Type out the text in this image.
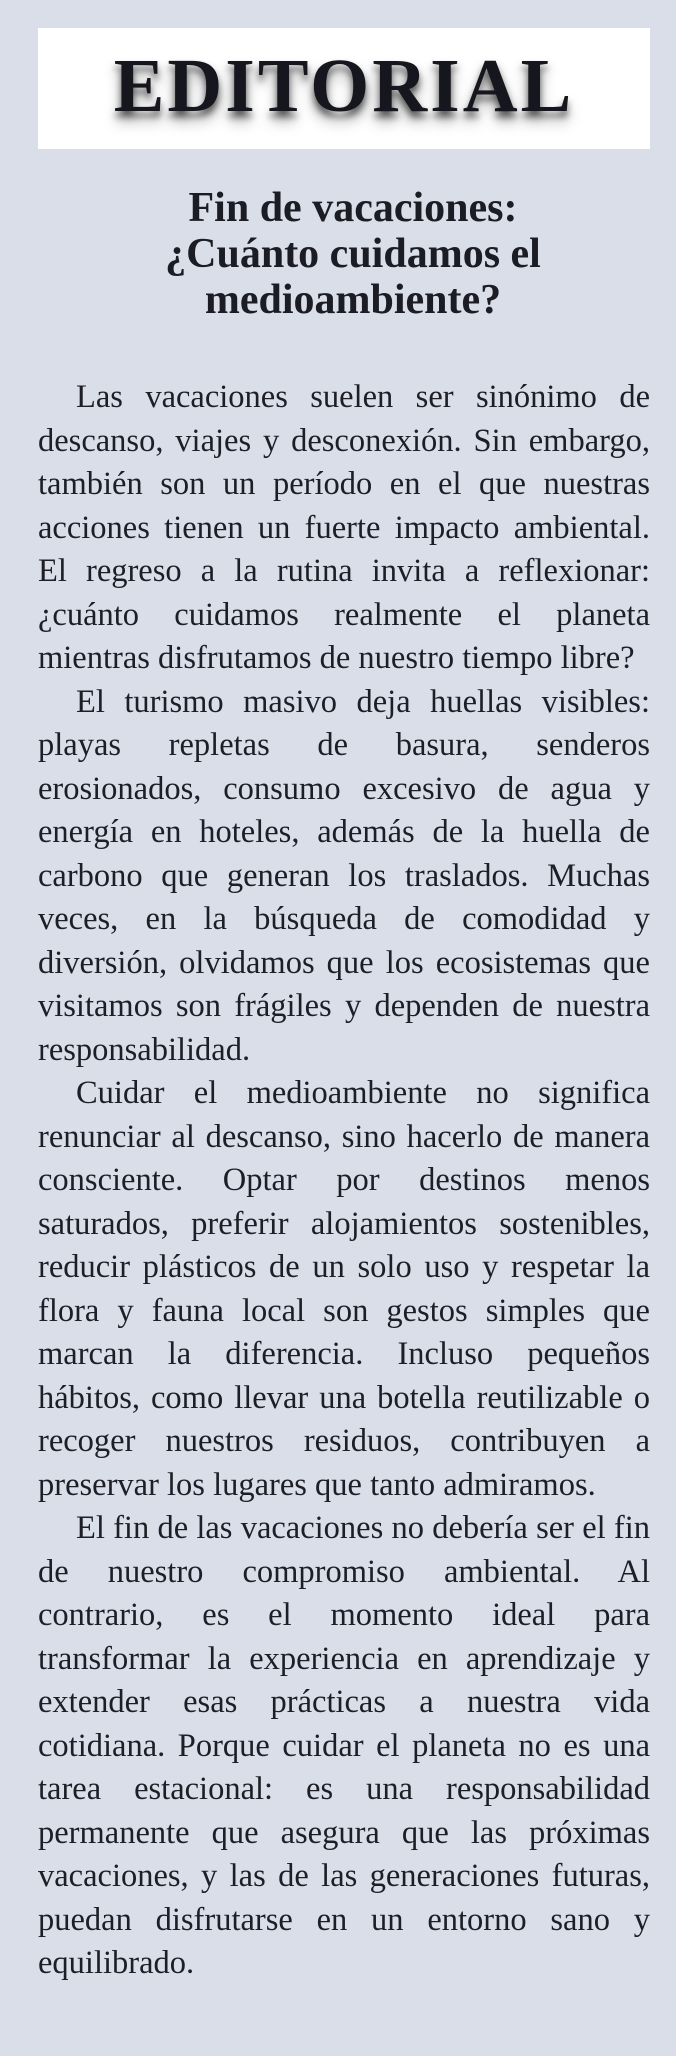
EDITORIAL
Fin de vacaciones:
¿Cuánto cuidamos el
medioambiente?

Las vacaciones suelen ser sinónimo de descanso, viajes y desconexión. Sin embargo, también son un período en el que nuestras acciones tienen un fuerte impacto ambiental. El regreso a la rutina invita a reflexionar: ¿cuánto cuidamos realmente el planeta mientras disfrutamos de nuestro tiempo libre?

El turismo masivo deja huellas visibles: playas repletas de basura, senderos erosionados, consumo excesivo de agua y energía en hoteles, además de la huella de carbono que generan los traslados. Muchas veces, en la búsqueda de comodidad y diversión, olvidamos que los ecosistemas que visitamos son frágiles y dependen de nuestra responsabilidad.

Cuidar el medioambiente no significa renunciar al descanso, sino hacerlo de manera consciente. Optar por destinos menos saturados, preferir alojamientos sostenibles, reducir plásticos de un solo uso y respetar la flora y fauna local son gestos simples que marcan la diferencia. Incluso pequeños hábitos, como llevar una botella reutilizable o recoger nuestros residuos, contribuyen a preservar los lugares que tanto admiramos.

El fin de las vacaciones no debería ser el fin de nuestro compromiso ambiental. Al contrario, es el momento ideal para transformar la experiencia en aprendizaje y extender esas prácticas a nuestra vida cotidiana. Porque cuidar el planeta no es una tarea estacional: es una responsabilidad permanente que asegura que las próximas vacaciones, y las de las generaciones futuras, puedan disfrutarse en un entorno sano y equilibrado.
